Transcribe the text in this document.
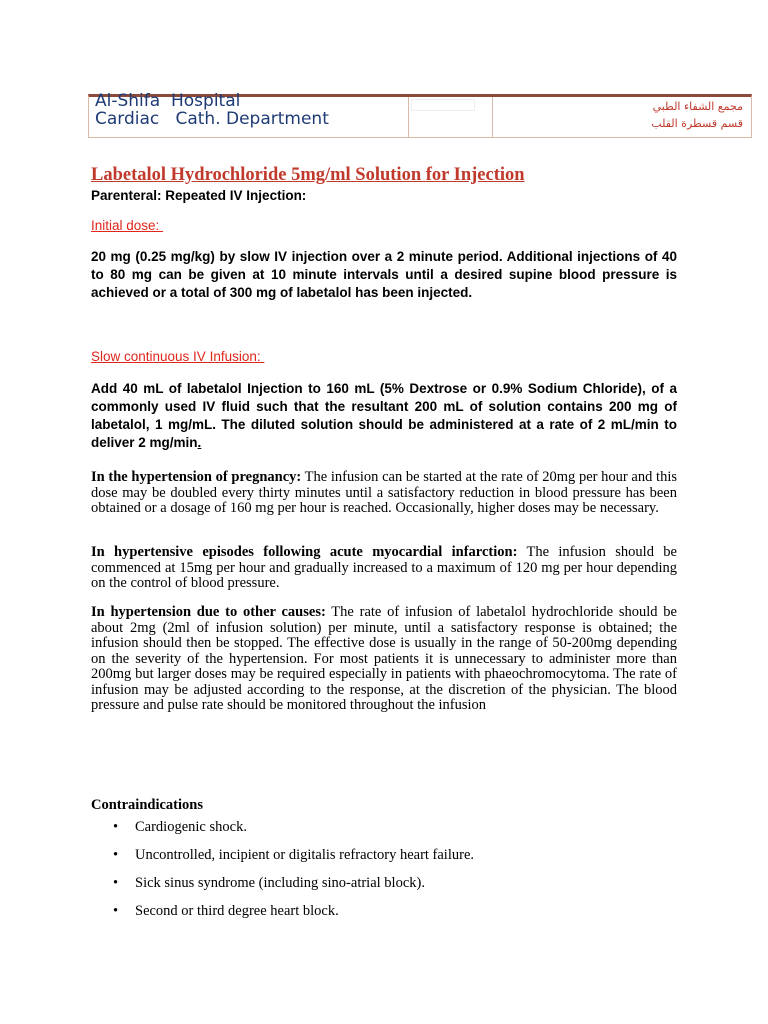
Al-Shifa  Hospital
Cardiac   Cath. Department
مجمع الشفاء الطبي
قسم قسطرة القلب
Labetalol Hydrochloride 5mg/ml Solution for Injection
Parenteral: Repeated IV Injection:
Initial dose:
20 mg (0.25 mg/kg) by slow IV injection over a 2 minute period. Additional injections of 40 to 80 mg can be given at 10 minute intervals until a desired supine blood pressure is achieved or a total of 300 mg of labetalol has been injected.
Slow continuous IV Infusion:
Add 40 mL of labetalol Injection to 160 mL (5% Dextrose or 0.9% Sodium Chloride), of a commonly used IV fluid such that the resultant 200 mL of solution contains 200 mg of labetalol, 1 mg/mL. The diluted solution should be administered at a rate of 2 mL/min to deliver 2 mg/min.
In the hypertension of pregnancy: The infusion can be started at the rate of 20mg per hour and this dose may be doubled every thirty minutes until a satisfactory reduction in blood pressure has been obtained or a dosage of 160 mg per hour is reached. Occasionally, higher doses may be necessary.
In hypertensive episodes following acute myocardial infarction: The infusion should be commenced at 15mg per hour and gradually increased to a maximum of 120 mg per hour depending on the control of blood pressure.
In hypertension due to other causes: The rate of infusion of labetalol hydrochloride should be about 2mg (2ml of infusion solution) per minute, until a satisfactory response is obtained; the infusion should then be stopped. The effective dose is usually in the range of 50-200mg depending on the severity of the hypertension. For most patients it is unnecessary to administer more than 200mg but larger doses may be required especially in patients with phaeochromocytoma. The rate of infusion may be adjusted according to the response, at the discretion of the physician. The blood pressure and pulse rate should be monitored throughout the infusion
Contraindications
• Cardiogenic shock.
• Uncontrolled, incipient or digitalis refractory heart failure.
• Sick sinus syndrome (including sino-atrial block).
• Second or third degree heart block.
